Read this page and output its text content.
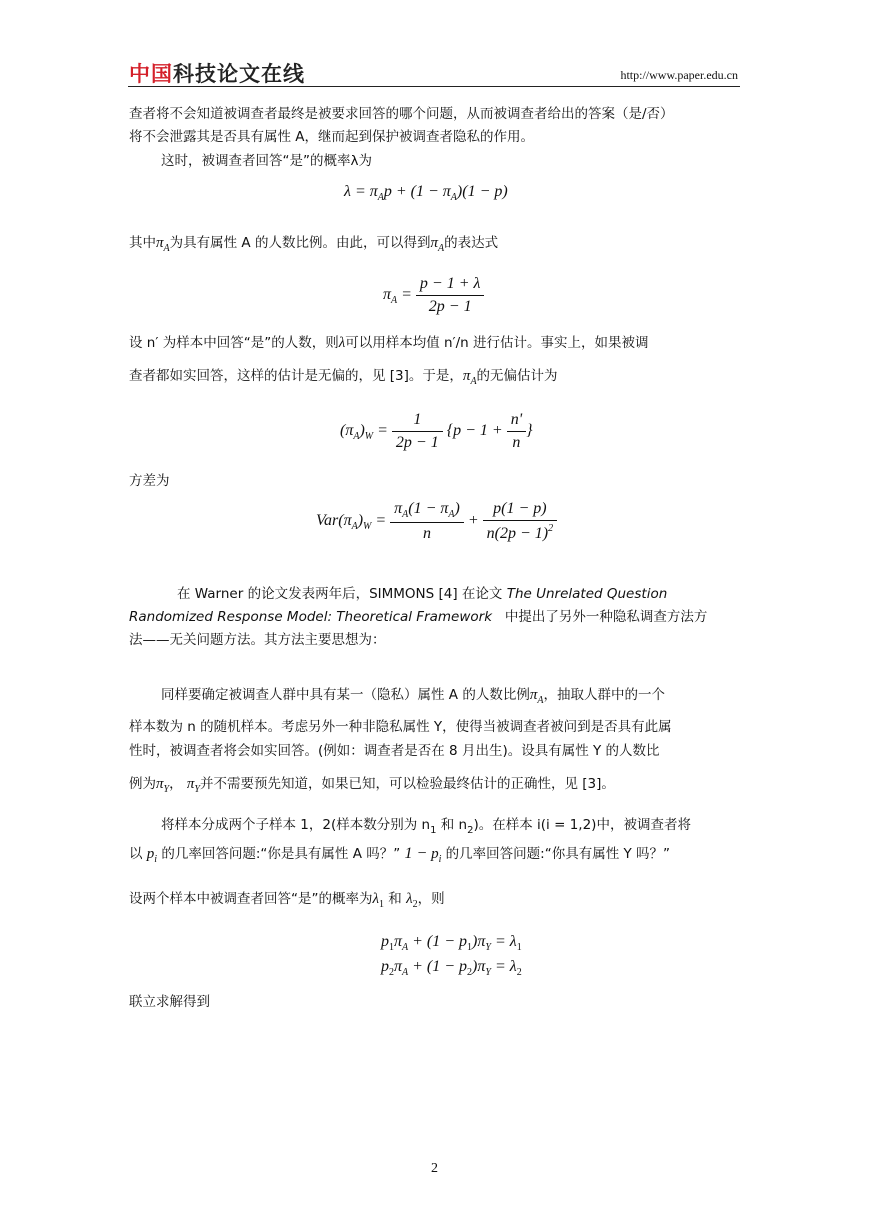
中国科技论文在线	http://www.paper.edu.cn
查者将不会知道被调查者最终是被要求回答的哪个问题，从而被调查者给出的答案（是/否）
将不会泄露其是否具有属性 A，继而起到保护被调查者隐私的作用。
这时，被调查者回答“是”的概率λ为
$\lambda = \pi_Ap + (1 - \pi_A)(1 - p)$
其中$\pi_A$为具有属性 A 的人数比例。由此，可以得到$\pi_A$的表达式
$\pi_A = \frac{p - 1 + \lambda}{2p - 1}$
设 n′ 为样本中回答“是”的人数，则λ可以用样本均值 n′/n 进行估计。事实上，如果被调
查者都如实回答，这样的估计是无偏的，见 [3]。于是，$\pi_A$的无偏估计为
$(\pi_A)_W = \frac{1}{2p - 1} \{p - 1 + \frac{n'}{n}$ }
方差为
$Var(\pi_A)_W = \frac{\pi_A(1 - \pi_A)}{n} + \frac{p(1 - p)}{n(2p - 1)^2}$
在 Warner 的论文发表两年后，SIMMONS [4] 在论文 The Unrelated Question
Randomized Response Model: Theoretical Framework 中提出了另外一种隐私调查方法方
法——无关问题方法。其方法主要思想为：
同样要确定被调查人群中具有某一（隐私）属性 A 的人数比例$\pi_A$，抽取人群中的一个
样本数为 n 的随机样本。考虑另外一种非隐私属性 Y，使得当被调查者被问到是否具有此属
性时，被调查者将会如实回答。(例如：调查者是否在 8 月出生)。设具有属性 Y 的人数比
例为$\pi_Y$， $\pi_Y$并不需要预先知道，如果已知，可以检验最终估计的正确性，见 [3]。
将样本分成两个子样本 1，2(样本数分别为 $n_1$ 和 $n_2$)。在样本 i(i = 1,2)中，被调查者将
以 $p_i$ 的几率回答问题:“你是具有属性 A 吗？” $1 - p_i$ 的几率回答问题:“你具有属性 Y 吗？”
设两个样本中被调查者回答“是”的概率为$\lambda_1$ 和 $\lambda_2$，则
$p_1\pi_A + (1 - p_1)\pi_Y = \lambda_1$
$p_2\pi_A + (1 - p_2)\pi_Y = \lambda_2$
联立求解得到
2
